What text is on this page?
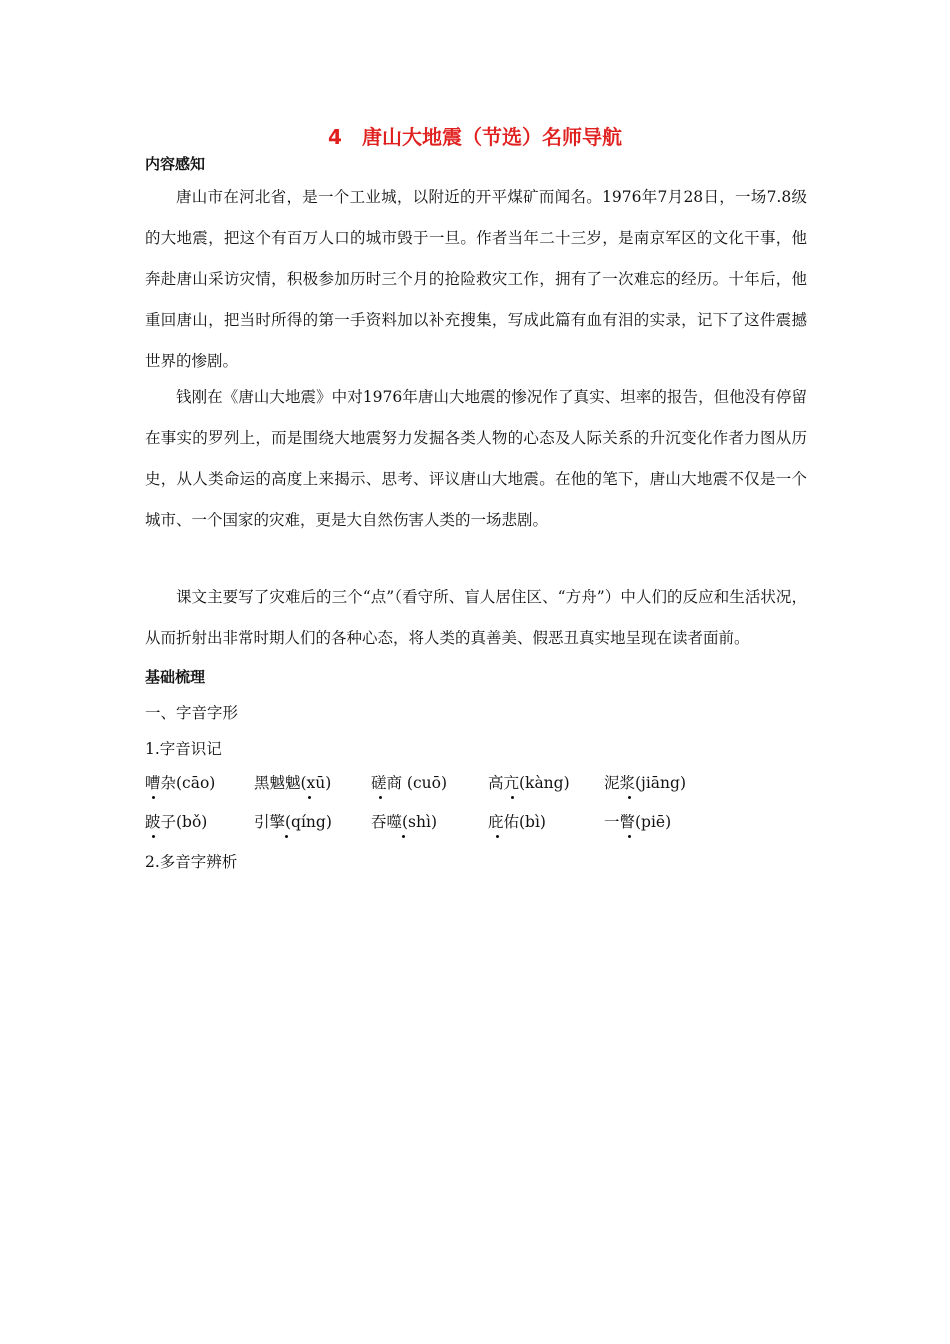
4　唐山大地震（节选）名师导航
内容感知
唐山市在河北省，是一个工业城，以附近的开平煤矿而闻名。1976年7月28日，一场7.8级的大地震，把这个有百万人口的城市毁于一旦。作者当年二十三岁，是南京军区的文化干事，他奔赴唐山采访灾情，积极参加历时三个月的抢险救灾工作，拥有了一次难忘的经历。十年后，他重回唐山，把当时所得的第一手资料加以补充搜集，写成此篇有血有泪的实录，记下了这件震撼世界的惨剧。
钱刚在《唐山大地震》中对1976年唐山大地震的惨况作了真实、坦率的报告，但他没有停留在事实的罗列上，而是围绕大地震努力发掘各类人物的心态及人际关系的升沉变化作者力图从历史，从人类命运的高度上来揭示、思考、评议唐山大地震。在他的笔下，唐山大地震不仅是一个城市、一个国家的灾难，更是大自然伤害人类的一场悲剧。
课文主要写了灾难后的三个“点”（看守所、盲人居住区、“方舟”）中人们的反应和生活状况，从而折射出非常时期人们的各种心态，将人类的真善美、假恶丑真实地呈现在读者面前。
基础梳理
一、字音字形
1.字音识记
嘈杂(cāo) 黑魆魆(xū)	磋商 (cuō)	高亢(kàng) 泥浆(jiāng)
跛子(bǒ)	引擎(qíng)	吞噬(shì)	庇佑(bì)	一瞥(piē)
2.多音字辨析
